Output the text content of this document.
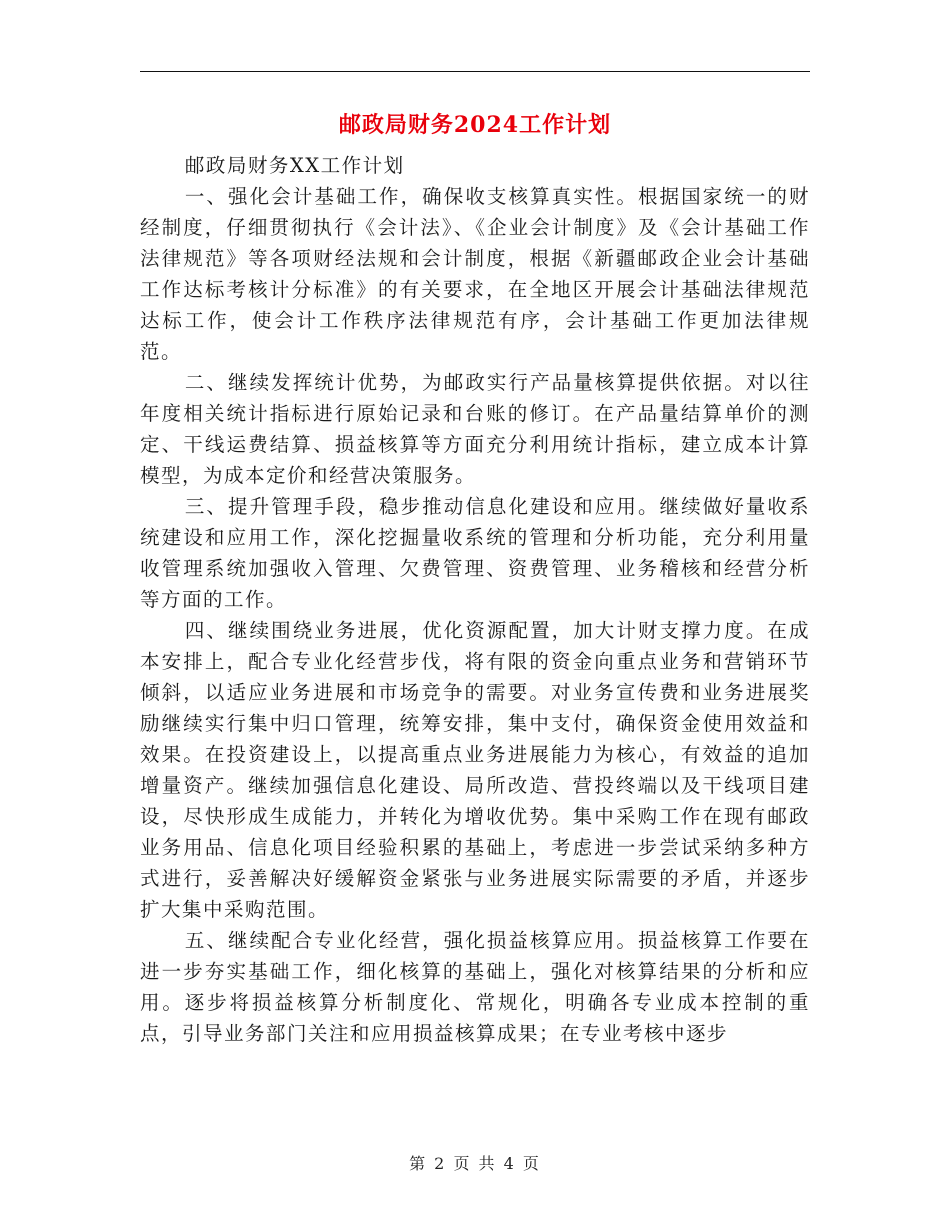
邮政局财务2024工作计划

邮政局财务XX工作计划

一、强化会计基础工作，确保收支核算真实性。根据国家统一的财经制度，仔细贯彻执行《会计法》、《企业会计制度》及《会计基础工作法律规范》等各项财经法规和会计制度，根据《新疆邮政企业会计基础工作达标考核计分标准》的有关要求，在全地区开展会计基础法律规范达标工作，使会计工作秩序法律规范有序，会计基础工作更加法律规范。

二、继续发挥统计优势，为邮政实行产品量核算提供依据。对以往年度相关统计指标进行原始记录和台账的修订。在产品量结算单价的测定、干线运费结算、损益核算等方面充分利用统计指标，建立成本计算模型，为成本定价和经营决策服务。

三、提升管理手段，稳步推动信息化建设和应用。继续做好量收系统建设和应用工作，深化挖掘量收系统的管理和分析功能，充分利用量收管理系统加强收入管理、欠费管理、资费管理、业务稽核和经营分析等方面的工作。

四、继续围绕业务进展，优化资源配置，加大计财支撑力度。在成本安排上，配合专业化经营步伐，将有限的资金向重点业务和营销环节倾斜，以适应业务进展和市场竞争的需要。对业务宣传费和业务进展奖励继续实行集中归口管理，统筹安排，集中支付，确保资金使用效益和效果。在投资建设上，以提高重点业务进展能力为核心，有效益的追加增量资产。继续加强信息化建设、局所改造、营投终端以及干线项目建设，尽快形成生成能力，并转化为增收优势。集中采购工作在现有邮政业务用品、信息化项目经验积累的基础上，考虑进一步尝试采纳多种方式进行，妥善解决好缓解资金紧张与业务进展实际需要的矛盾，并逐步扩大集中采购范围。

五、继续配合专业化经营，强化损益核算应用。损益核算工作要在进一步夯实基础工作，细化核算的基础上，强化对核算结果的分析和应用。逐步将损益核算分析制度化、常规化，明确各专业成本控制的重点，引导业务部门关注和应用损益核算成果；在专业考核中逐步

第 2 页 共 4 页
